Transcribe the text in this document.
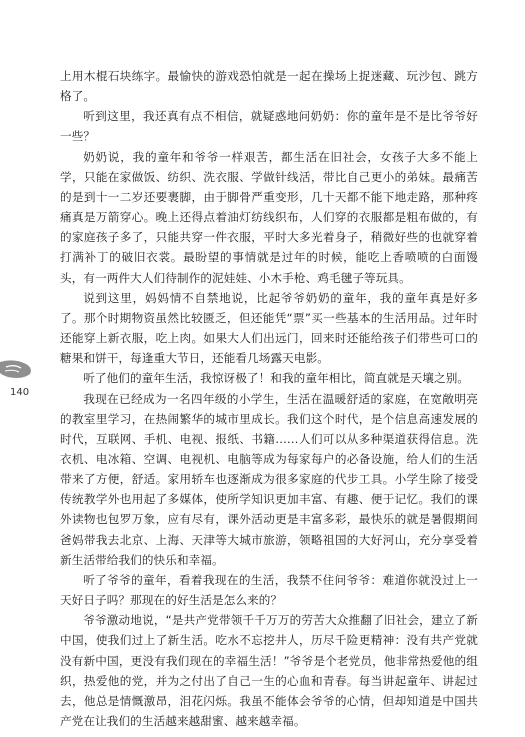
140

上用木棍石块练字。最愉快的游戏恐怕就是一起在操场上捉迷藏、玩沙包、跳方格了。

听到这里，我还真有点不相信，就疑惑地问奶奶：你的童年是不是比爷爷好一些？

奶奶说，我的童年和爷爷一样艰苦，都生活在旧社会，女孩子大多不能上学，只能在家做饭、纺织、洗衣服、学做针线活，带比自己更小的弟妹。最痛苦的是到十一二岁还要裹脚，由于脚骨严重变形，几十天都不能下地走路，那种疼痛真是万箭穿心。晚上还得点着油灯纺线织布，人们穿的衣服都是粗布做的，有的家庭孩子多了，只能共穿一件衣服，平时大多光着身子，稍微好些的也就穿着打满补丁的破旧衣裳。最盼望的事情就是过年的时候，能吃上香喷喷的白面馒头，有一两件大人们待制作的泥娃娃、小木手枪、鸡毛毽子等玩具。

说到这里，妈妈情不自禁地说，比起爷爷奶奶的童年，我的童年真是好多了。那个时期物资虽然比较匮乏，但还能凭“票”买一些基本的生活用品。过年时还能穿上新衣服，吃上肉。如果大人们出远门，回来时还能给孩子们带些可口的糖果和饼干，每逢重大节日，还能看几场露天电影。

听了他们的童年生活，我惊讶极了！和我的童年相比，简直就是天壤之别。

我现在已经成为一名四年级的小学生，生活在温暖舒适的家庭，在宽敞明亮的教室里学习，在热闹繁华的城市里成长。我们这个时代，是个信息高速发展的时代，互联网、手机、电视、报纸、书籍……人们可以从多种渠道获得信息。洗衣机、电冰箱、空调、电视机、电脑等成为每家每户的必备设施，给人们的生活带来了方便，舒适。家用轿车也逐渐成为很多家庭的代步工具。小学生除了接受传统教学外也用起了多媒体，使所学知识更加丰富、有趣、便于记忆。我们的课外读物也包罗万象，应有尽有，课外活动更是丰富多彩，最快乐的就是暑假期间爸妈带我去北京、上海、天津等大城市旅游，领略祖国的大好河山，充分享受着新生活带给我们的快乐和幸福。

听了爷爷的童年，看着我现在的生活，我禁不住问爷爷：难道你就没过上一天好日子吗？那现在的好生活是怎么来的？

爷爷激动地说，“是共产党带领千千万万的劳苦大众推翻了旧社会，建立了新中国，使我们过上了新生活。吃水不忘挖井人，历尽千险更精神：没有共产党就没有新中国，更没有我们现在的幸福生活！”爷爷是个老党员，他非常热爱他的组织，热爱他的党，并为之付出了自己一生的心血和青春。每当讲起童年、讲起过去，他总是情慨激昂，泪花闪烁。我虽不能体会爷爷的心情，但却知道是中国共产党在让我们的生活越来越甜蜜、越来越幸福。
